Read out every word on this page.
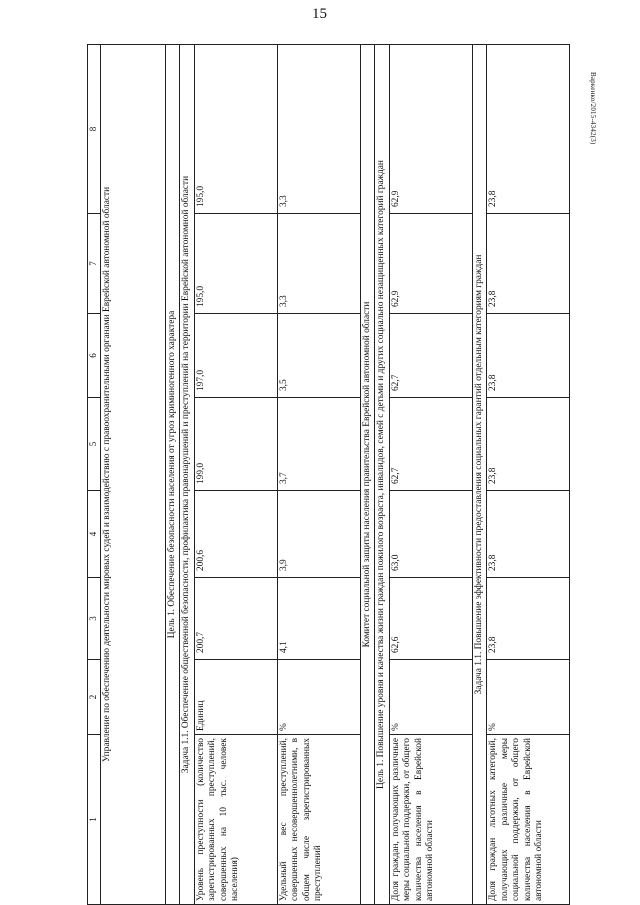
15
Варкенко/2015-4342(3)
1	2	3	4	5	6	7	8
Управление по обеспечению деятельности мировых судей и взаимодействию с правоохранительными органами Еврейской автономной области							
Цель 1. Обеспечение безопасности населения от угроз криминогенного характера							
Задача 1.1. Обеспечение общественной безопасности, профилактика правонарушений и преступлений на территории Еврейской автономной области							
Уровень преступности (количество зарегистрированных преступлений, совершенных на 10 тыс. человек населения)	Единиц	200,7	200,6	199,0	197,0	195,0	195,0
Удельный вес преступлений, совершенных несовершеннолетними, в общем числе зарегистрированных преступлений	%	4,1	3,9	3,7	3,5	3,3	3,3
Комитет социальной защиты населения правительства Еврейской автономной области							
Цель 1. Повышение уровня и качества жизни граждан пожилого возраста, инвалидов, семей с детьми и других социально незащищенных категорий граждан							
Доля граждан, получающих различные меры социальной поддержки, от общего количества населения в Еврейской автономной области	%	62,6	63,0	62,7	62,7	62,9	62,9
Задача 1.1. Повышение эффективности предоставления социальных гарантий отдельным категориям граждан							
Доля граждан льготных категорий, получающих различные меры социальной поддержки, от общего количества населения в Еврейской автономной области	%	23,8	23,8	23,8	23,8	23,8	23,8
